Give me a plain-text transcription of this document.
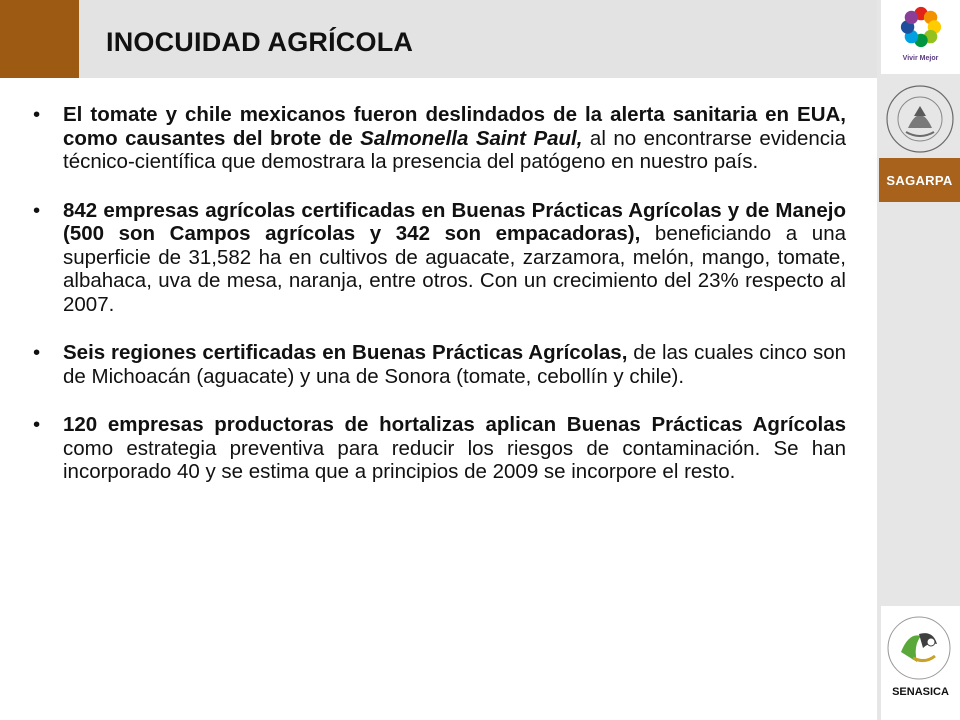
INOCUIDAD AGRÍCOLA
Vivir Mejor
SAGARPA
SENASICA

• El tomate y chile mexicanos fueron deslindados de la alerta sanitaria en EUA, como causantes del brote de Salmonella Saint Paul, al no encontrarse evidencia técnico-científica que demostrara la presencia del patógeno en nuestro país.

• 842 empresas agrícolas certificadas en Buenas Prácticas Agrícolas y de Manejo (500 son Campos agrícolas y 342 son empacadoras), beneficiando a una superficie de 31,582 ha en cultivos de aguacate, zarzamora, melón, mango, tomate, albahaca, uva de mesa, naranja, entre otros. Con un crecimiento del 23% respecto al 2007.

• Seis regiones certificadas en Buenas Prácticas Agrícolas, de las cuales cinco son de Michoacán (aguacate) y una de Sonora (tomate, cebollín y chile).

• 120 empresas productoras de hortalizas aplican Buenas Prácticas Agrícolas como estrategia preventiva para reducir los riesgos de contaminación. Se han incorporado 40 y se estima que a principios de 2009 se incorpore el resto.
